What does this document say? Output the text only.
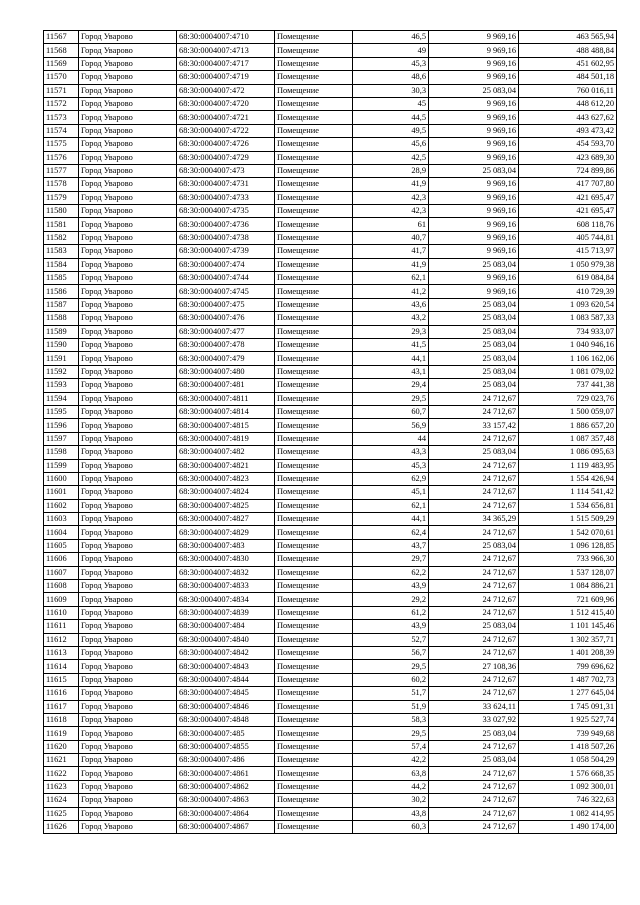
11567	Город Уварово	68:30:0004007:4710	Помещение	46,5	9 969,16	463 565,94
11568	Город Уварово	68:30:0004007:4713	Помещение	49	9 969,16	488 488,84
11569	Город Уварово	68:30:0004007:4717	Помещение	45,3	9 969,16	451 602,95
11570	Город Уварово	68:30:0004007:4719	Помещение	48,6	9 969,16	484 501,18
11571	Город Уварово	68:30:0004007:472	Помещение	30,3	25 083,04	760 016,11
11572	Город Уварово	68:30:0004007:4720	Помещение	45	9 969,16	448 612,20
11573	Город Уварово	68:30:0004007:4721	Помещение	44,5	9 969,16	443 627,62
11574	Город Уварово	68:30:0004007:4722	Помещение	49,5	9 969,16	493 473,42
11575	Город Уварово	68:30:0004007:4726	Помещение	45,6	9 969,16	454 593,70
11576	Город Уварово	68:30:0004007:4729	Помещение	42,5	9 969,16	423 689,30
11577	Город Уварово	68:30:0004007:473	Помещение	28,9	25 083,04	724 899,86
11578	Город Уварово	68:30:0004007:4731	Помещение	41,9	9 969,16	417 707,80
11579	Город Уварово	68:30:0004007:4733	Помещение	42,3	9 969,16	421 695,47
11580	Город Уварово	68:30:0004007:4735	Помещение	42,3	9 969,16	421 695,47
11581	Город Уварово	68:30:0004007:4736	Помещение	61	9 969,16	608 118,76
11582	Город Уварово	68:30:0004007:4738	Помещение	40,7	9 969,16	405 744,81
11583	Город Уварово	68:30:0004007:4739	Помещение	41,7	9 969,16	415 713,97
11584	Город Уварово	68:30:0004007:474	Помещение	41,9	25 083,04	1 050 979,38
11585	Город Уварово	68:30:0004007:4744	Помещение	62,1	9 969,16	619 084,84
11586	Город Уварово	68:30:0004007:4745	Помещение	41,2	9 969,16	410 729,39
11587	Город Уварово	68:30:0004007:475	Помещение	43,6	25 083,04	1 093 620,54
11588	Город Уварово	68:30:0004007:476	Помещение	43,2	25 083,04	1 083 587,33
11589	Город Уварово	68:30:0004007:477	Помещение	29,3	25 083,04	734 933,07
11590	Город Уварово	68:30:0004007:478	Помещение	41,5	25 083,04	1 040 946,16
11591	Город Уварово	68:30:0004007:479	Помещение	44,1	25 083,04	1 106 162,06
11592	Город Уварово	68:30:0004007:480	Помещение	43,1	25 083,04	1 081 079,02
11593	Город Уварово	68:30:0004007:481	Помещение	29,4	25 083,04	737 441,38
11594	Город Уварово	68:30:0004007:4811	Помещение	29,5	24 712,67	729 023,76
11595	Город Уварово	68:30:0004007:4814	Помещение	60,7	24 712,67	1 500 059,07
11596	Город Уварово	68:30:0004007:4815	Помещение	56,9	33 157,42	1 886 657,20
11597	Город Уварово	68:30:0004007:4819	Помещение	44	24 712,67	1 087 357,48
11598	Город Уварово	68:30:0004007:482	Помещение	43,3	25 083,04	1 086 095,63
11599	Город Уварово	68:30:0004007:4821	Помещение	45,3	24 712,67	1 119 483,95
11600	Город Уварово	68:30:0004007:4823	Помещение	62,9	24 712,67	1 554 426,94
11601	Город Уварово	68:30:0004007:4824	Помещение	45,1	24 712,67	1 114 541,42
11602	Город Уварово	68:30:0004007:4825	Помещение	62,1	24 712,67	1 534 656,81
11603	Город Уварово	68:30:0004007:4827	Помещение	44,1	34 365,29	1 515 509,29
11604	Город Уварово	68:30:0004007:4829	Помещение	62,4	24 712,67	1 542 070,61
11605	Город Уварово	68:30:0004007:483	Помещение	43,7	25 083,04	1 096 128,85
11606	Город Уварово	68:30:0004007:4830	Помещение	29,7	24 712,67	733 966,30
11607	Город Уварово	68:30:0004007:4832	Помещение	62,2	24 712,67	1 537 128,07
11608	Город Уварово	68:30:0004007:4833	Помещение	43,9	24 712,67	1 084 886,21
11609	Город Уварово	68:30:0004007:4834	Помещение	29,2	24 712,67	721 609,96
11610	Город Уварово	68:30:0004007:4839	Помещение	61,2	24 712,67	1 512 415,40
11611	Город Уварово	68:30:0004007:484	Помещение	43,9	25 083,04	1 101 145,46
11612	Город Уварово	68:30:0004007:4840	Помещение	52,7	24 712,67	1 302 357,71
11613	Город Уварово	68:30:0004007:4842	Помещение	56,7	24 712,67	1 401 208,39
11614	Город Уварово	68:30:0004007:4843	Помещение	29,5	27 108,36	799 696,62
11615	Город Уварово	68:30:0004007:4844	Помещение	60,2	24 712,67	1 487 702,73
11616	Город Уварово	68:30:0004007:4845	Помещение	51,7	24 712,67	1 277 645,04
11617	Город Уварово	68:30:0004007:4846	Помещение	51,9	33 624,11	1 745 091,31
11618	Город Уварово	68:30:0004007:4848	Помещение	58,3	33 027,92	1 925 527,74
11619	Город Уварово	68:30:0004007:485	Помещение	29,5	25 083,04	739 949,68
11620	Город Уварово	68:30:0004007:4855	Помещение	57,4	24 712,67	1 418 507,26
11621	Город Уварово	68:30:0004007:486	Помещение	42,2	25 083,04	1 058 504,29
11622	Город Уварово	68:30:0004007:4861	Помещение	63,8	24 712,67	1 576 668,35
11623	Город Уварово	68:30:0004007:4862	Помещение	44,2	24 712,67	1 092 300,01
11624	Город Уварово	68:30:0004007:4863	Помещение	30,2	24 712,67	746 322,63
11625	Город Уварово	68:30:0004007:4864	Помещение	43,8	24 712,67	1 082 414,95
11626	Город Уварово	68:30:0004007:4867	Помещение	60,3	24 712,67	1 490 174,00
